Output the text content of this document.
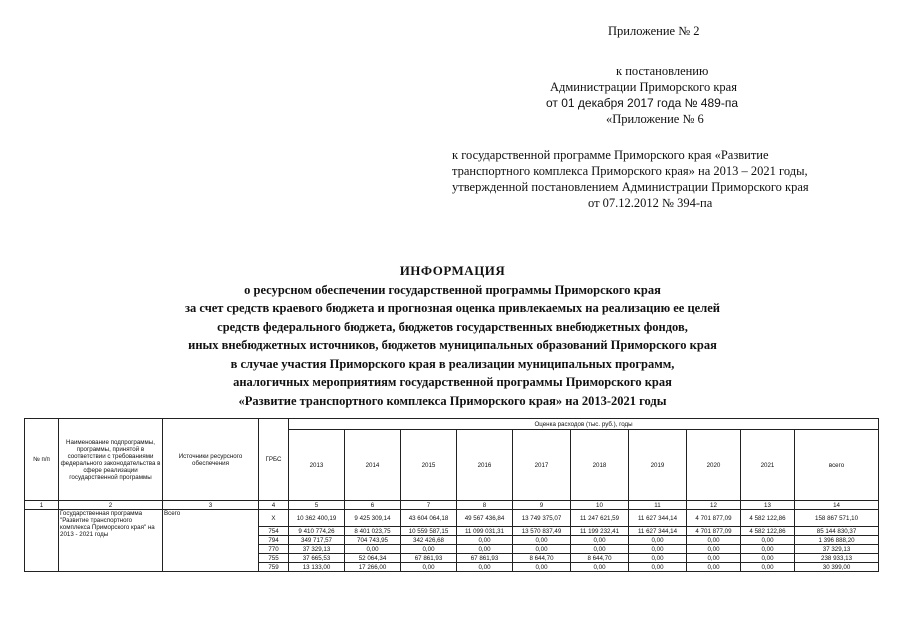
Приложение № 2
к постановлению
Администрации Приморского края
от 01 декабря 2017 года № 489-па
«Приложение № 6
к государственной программе Приморского края «Развитие
транспортного комплекса Приморского края» на 2013 – 2021 годы,
утвержденной постановлением Администрации Приморского края
от 07.12.2012 № 394-па
ИНФОРМАЦИЯ
о ресурсном обеспечении государственной программы Приморского края
за счет средств краевого бюджета и прогнозная оценка привлекаемых на реализацию ее целей
средств федерального бюджета, бюджетов государственных внебюджетных фондов,
иных внебюджетных источников, бюджетов муниципальных образований Приморского края
в случае участия Приморского края в реализации муниципальных программ,
аналогичных мероприятиям государственной программы Приморского края
«Развитие транспортного комплекса Приморского края» на 2013-2021 годы
№ п/п	Наименование подпрограммы, программы, принятой в соответствии с требованиями федерального законодательства в сфере реализации государственной программы	Источники ресурсного обеспечения	ГРБС	Оценка расходов (тыс. руб.), годы									
				2013	2014	2015	2016	2017	2018	2019	2020	2021	всего
1	2	3	4	5	6	7	8	9	10	11	12	13	14
	Государственная программа "Развитие транспортного комплекса Приморского края" на 2013 - 2021 годы	Всего	X	10 362 400,19	9 425 309,14	43 604 064,18	49 567 436,84	13 749 375,07	11 247 621,59	11 627 344,14	4 701 877,09	4 582 122,86	158 867 571,10
			754	9 410 774,26	8 401 023,75	10 559 587,15	11 099 031,31	13 570 837,49	11 199 232,41	11 627 344,14	4 701 877,09	4 582 122,86	85 144 830,37
			794	349 717,57	704 743,95	342 426,68	0,00	0,00	0,00	0,00	0,00	0,00	1 396 888,20
			770	37 329,13	0,00	0,00	0,00	0,00	0,00	0,00	0,00	0,00	37 329,13
			755	37 665,53	52 064,34	67 861,93	67 861,93	8 644,70	8 644,70	0,00	0,00	0,00	238 933,13
			759	13 133,00	17 266,00	0,00	0,00	0,00	0,00	0,00	0,00	0,00	30 399,00
